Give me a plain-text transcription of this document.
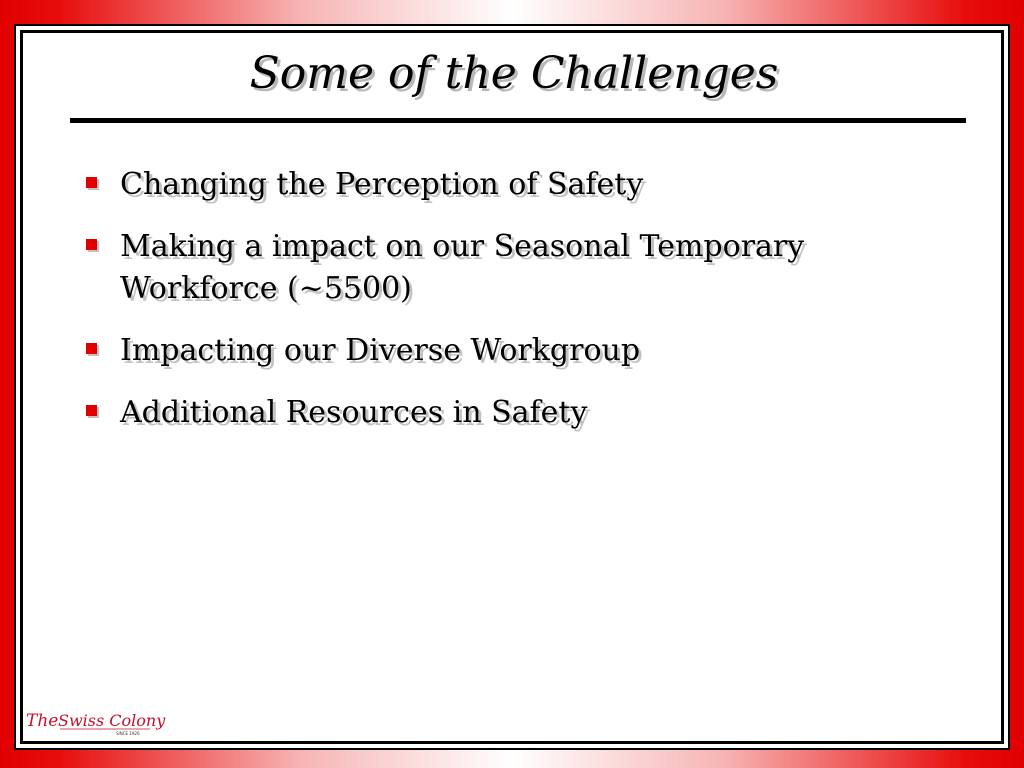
Some of the Challenges
Changing the Perception of Safety
Making a impact on our Seasonal Temporary Workforce (~5500)
Impacting our Diverse Workgroup
Additional Resources in Safety
The Swiss Colony
SINCE 1926
